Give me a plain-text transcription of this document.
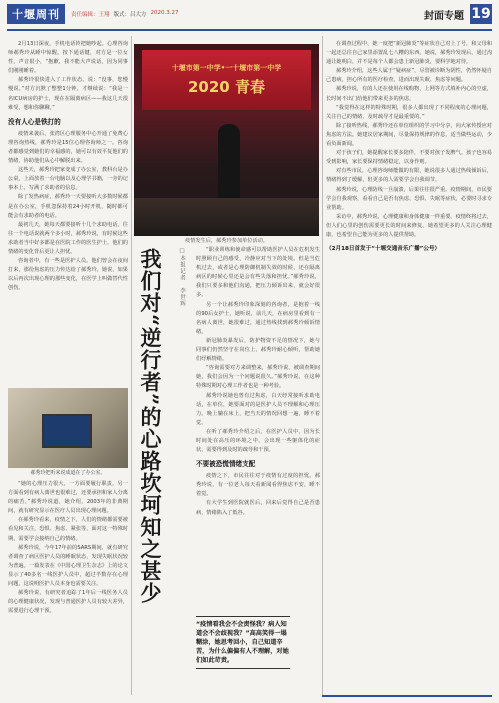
十堰周刊	责任编辑：王翔 版式：吕大方 2020.3.27	封面专题 19

2月13日深夜，手机电话铃把她吵起。心理咨询师郝秀玲从睡中惊醒。按下通话键，对方是一位女性，声音很小，“抱歉，我不能大声说话，因为同事们刚刚睡着。

郝秀玲很快进入了工作状态。说：“没事，您慢慢说。”对方沉默了整整1分钟，才继续说：“我是一名ICU病房的护士，现在在隔离病区——我这几天很难受，想和你聊聊。”

没有人心是铁打的

疫情来袭后，张湾区心理服务中心开通了免费心理咨询热线，郝秀玲是15位心理咨询师之一。咨询者都感觉到她们的幸福感的，她可以有效平复他们的情绪，协助他们从心中解脱出来。

这些天，郝秀玲把家变成了办公室，教科台是办公桌，上面放着一台电脑以及心理学书籍，一旁的记事本上，写满了求助者的信息。

除了发热病症，郝秀玲一天要接听大多数时候都是在办公室，手机忽保持着24小时开机，随时都可能会有求助者的电话。

最初几天，她每天都要接听十几个求助电话，往往一个电话说就两个多小时，郝秀玲说，有时候这些求助者当中好多都是在医院工作的医生护士，他们的情绪的变化背后更让人担忧。

咨询者中，有一些是医护人员。他们曾会在夜间打来，那份焦虑的压力传达给了郝秀玲，她说，如果以后再次出现心理的那些变化，在医学上叫做替代性创伤。

郝秀玲把听来说成道在了办公室。

“她的心理压力很大，一方面要履行职责，另一方面看到有病人离世也很难过，还要承担和家人分离的痛苦。”郝秀玲说道，她介绍，2003年的非典期间，就有研究显示在医疗人员出现心理问题。

在郝秀玲看来，疫情之下，人们的情绪都需要被看见和关注，恐惧、焦虑、紧张等，面对这一特殊时期，需要学会接纳自己的情绪。

郝秀玲说，今年17年前的SARS期间，就有研究者调查了病区医护人员的睡眠状态，发现失眠状况较为普遍。一篇发表在《中国心理卫生杂志》上的论文显示了40多名一线医护人员中，超过半数存在心理问题，这说明医护人员本身也需要关注。

郝秀玲说，有研究者追踪了1年后一线医务人员的心理健康状况，发现与普通医护人员有较大差异，需要进行心理干预。

十堰市第一中学•一十堰市第一中学
2020 青春
疫情发生后，郝秀玲参加单位活动。
我们对“逆行者”的心路坎坷知之甚少	□本报记者　李世辉	“职业训练和使命感可以帮助医护人员在危机发生时照顾自己的感受，冷静应对当下的处境。但是当危机过去，或者是心理防御机制失效的时候，还在隔离病区的时候心里还是会有些失落和担忧。”郝秀玲说，我们只要多和他们沟通，把压力倾诉出来，就会好很多。

另一个让郝秀玲印象深刻的咨询者，是抱着一线的90后女护士，她听说，前几天，在病房里看到有一名病人离世，她很难过，通过热线找到郝秀玲倾诉情绪。

新冠肺炎暴发后，防护物资不足的情况下，她与同事们仍然坚守在岗位上，郝秀玲耐心倾听，帮助她们纾解情绪。

“咨询需要对方来调整来，郝秀玲说，被调查期间她，我们会因为一个问题说很久。”郝秀玲说，在这种特殊时期对心理工作者也是一种考验。

郝秀玲说她也曾有过焦虑，白天经常接听求助电话，在单位，她要面对的是医护人员不理解和心理压力。晚上躺在床上，把当天的情况回想一遍，睡不着觉。

在听了郝秀玲介绍之后，在医护人员中，因为长时间处在高压的环境之中，会出现一些躯体化的症状，需要得到及时的疏导和干预。

不要被恐慌情绪支配

疫情之下，市民往往对于疫情有过度的担忧。郝秀玲说，有一位老人每天看新闻看得焦虑不安，睡不着觉。

有大学生到医院就医后，回来后觉得自己是否患病，情绪陷入了低谷。

“疫情看我会不会责怪我？病人知道会不会歧视我？”高高笑得一塌糊涂，她思考回小，自己知道辛苦，为什么偏偏有人不理解，对她们如此苛责。

在调查过程中，她一度把“新冠肺炎”等症状自己对上了号，和父母和一起还总往自己家里添置乱七八糟的东西。她说，郝秀玲发现后，通过沟通让她明白，并不是每个人都会患上新冠肺炎，要科学地对待。

郝秀玲介绍，这些人属于“疑病症”，尽管被诊断为阴性，仍然怀疑自己患病，担心所有的医疗检查，进而出现失眠、焦虑等问题。

郝秀玲说，有的人还在使用在线购物、上网等方式填补内心的空虚，长时间不出门给他们带来更多的焦虑。

“我觉得在这样的特殊时期，很多人都出现了不同程度的心理问题，关注自己的情绪，及时疏导才是最重要的。”

除了接听热线，郝秀玲还在单位组织的学习中分享，向大家传授应对焦虑的方法。她建议居家期间，尽量保持规律的作息，适当做些运动，少看负面新闻。

对于孩子们，她提醒家长要多陪伴，不要对孩子发脾气。孩子也容易受到影响，家长要保持情绪稳定，以身作则。

对有些市民，心理咨询师能做的有限，她说很多人通过热线倾诉后，情绪得到了缓解，但更多的人需要学会自我调节。

郝秀玲说，心理防线一旦崩溃，后果往往很严重。疫情期间，市民要学会自我观察，看看自己是否有焦虑、恐惧、失眠等症状，必要时寻求专业帮助。

采访中，郝秀玲说，心理健康和身体健康一样重要。疫情终将过去，但人们心里的创伤需要更长的时间来修复。她希望更多的人关注心理健康，也希望自己能为更多的人提供帮助。

（2月18日首发于“十堰交通音乐广播”公号）
